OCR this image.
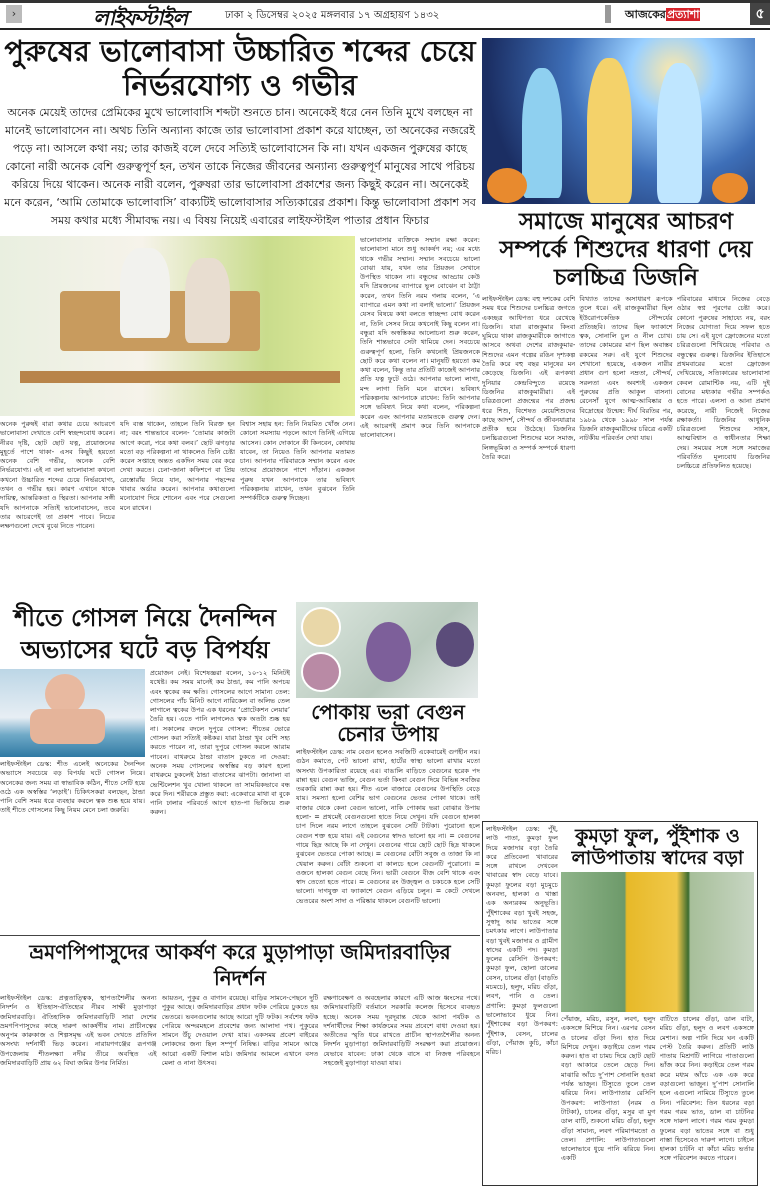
›	লাইফস্টাইল	ঢাকা ২ ডিসেম্বর ২০২৫ মঙ্গলবার ১৭ অগ্রহায়ণ ১৪৩২	আজকেরপ্রত্যাশা	৫
পুরুষের ভালোবাসা উচ্চারিত শব্দের চেয়ে নির্ভরযোগ্য ও গভীর

অনেক মেয়েই তাদের প্রেমিকের মুখে ভালোবাসি শব্দটা শুনতে চান। অনেকেই ধরে নেন তিনি মুখে বলছেন না মানেই ভালোবাসেন না। অথচ তিনি অন্যান্য কাজে তার ভালোবাসা প্রকাশ করে যাচ্ছেন, তা অনেকের নজরেই পড়ে না। আসলে কথা নয়; তার কাজই বলে দেবে সত্যিই ভালোবাসেন কি না। যখন একজন পুরুষের কাছে কোনো নারী অনেক বেশি গুরুত্বপূর্ণ হন, তখন তাকে নিজের জীবনের অন্যান্য গুরুত্বপূর্ণ মানুষের সাথে পরিচয় করিয়ে দিয়ে থাকেন। অনেক নারী বলেন, পুরুষরা তার ভালোবাসা প্রকাশের জন্য কিছুই করেন না। অনেকেই মনে করেন, ‘আমি তোমাকে ভালোবাসি’ বাক্যটিই ভালোবাসার সত্যিকারের প্রকাশ। কিন্তু ভালোবাসা প্রকাশ সব সময় কথার মধ্যে সীমাবদ্ধ নয়। এ বিষয় নিয়েই এবারের লাইফস্টাইল পাতার প্রধান ফিচার

অনেক পুরুষই বারা কথার চেয়ে আচরণে ভালোবাসা দেখাতে বেশি স্বচ্ছন্দবোধ করেন। নীরব দৃষ্টি, ছোট ছোট যত্ন, প্রয়োজনের মুহূর্তে পাশে থাকা- এসব কিছুই হয়তো অনেক বেশি গভীর, অনেক বেশি নির্ভরযোগ্য। এই না বলা ভালোবাসা কখনো কখনো উচ্চারিত শব্দের চেয়ে নির্ভরযোগ্য, তখন ও গভীর হয়। কারণ এখানে থাকে দায়িত্ব, আন্তরিকতা ও স্থিরতা। আপনার সঙ্গী যদি আপনাকে সত্যিই ভালোবাসেন, তবে তার আচরণেই তা প্রকাশ পাবে। নিচের লক্ষণগুলো দেখে বুঝে নিতে পারেন।
যদি ব্যস্ত থাকেন, তাহলে তিনি বিরক্ত হন না; বরং শান্তভাবে বলেন- ‘তোমার কাজটা আগে করো, পরে কথা বলব।’ ছোট ঝগড়ার মতো বড় পরিকল্পনা না থাকলেও তিনি চেষ্টা করেন সপ্তাহে অন্তত একদিন সময় বের করে দেখা করতে। চেনা-জানা কফিশপে বা প্রিয় রেস্তোরাঁয় নিয়ে যান, আপনার পছন্দের খাবার অর্ডার করেন। আপনার কথাগুলো মনোযোগ দিয়ে শোনেন এবং পরে সেগুলো মনে রাখেন।
বিশ্বাস সহায় হন: তিনি নিয়মিত খোঁজ নেন। কোনো সমস্যায় পড়লে আগে তিনিই এগিয়ে আসেন। কোন দোকানে কী কিনবেন, কোথায় যাবেন, তা নিয়েও তিনি আপনার মতামত চান। আপনার পরিবারকে সম্মান করেন এবং তাদের প্রয়োজনে পাশে দাঁড়ান। একজন পুরুষ যখন আপনাকে তার ভবিষ্যৎ পরিকল্পনায় রাখেন, তখন বুঝবেন তিনি সম্পর্কটিকে গুরুত্ব দিচ্ছেন।
ভালোবাসার ব্যক্তিকে সম্মান রক্ষা করেন: ভালোবাসা মানে শুধু আকর্ষণ নয়; এর মধ্যে থাকে গভীর সম্মান। সম্মান সবচেয়ে ভালো বোঝা যায়, যখন তার প্রিয়জন সেখানে উপস্থিত থাকেন না। বন্ধুদের আড্ডায় কেউ যদি প্রিয়জনের ব্যাপারে ভুল বোঝেন বা ঠাট্টা করেন, তখন তিনি নরম গলায় বলেন, ‘এ ব্যাপারে এমন কথা না বলাই ভালো।’ প্রিয়জন যেসব বিষয়ে কথা বলতে স্বাচ্ছন্দ্য বোধ করেন না, তিনি সেসব নিয়ে কখনোই কিছু বলেন না। বন্ধুরা যদি অস্বস্তিকর আলোচনা শুরু করেন, তিনি শান্তভাবে সেটা থামিয়ে দেন। সবচেয়ে গুরুত্বপূর্ণ হলো, তিনি কখনোই প্রিয়জনকে ছোট করে কথা বলেন না। মানুষটি হয়তো কম কথা বলেন, কিন্তু তার প্রতিটি কাজেই আপনার প্রতি যত্ন ফুটে ওঠে। আপনার ভালো লাগা, মন্দ লাগা তিনি মনে রাখেন। ভবিষ্যৎ পরিকল্পনায় আপনাকে রাখেন: তিনি আপনার সঙ্গে ভবিষ্যৎ নিয়ে কথা বলেন, পরিকল্পনা করেন এবং আপনার মতামতকে গুরুত্ব দেন। এই আচরণই প্রমাণ করে তিনি আপনাকে ভালোবাসেন।
শীতে গোসল নিয়ে দৈনন্দিন অভ্যাসের ঘটে বড় বিপর্যয়
লাইফস্টাইল ডেস্ক: শীত এলেই অনেকের দৈনন্দিন অভ্যাসে সবচেয়ে বড় বিপর্যয় ঘটে গোসল নিয়ে। অনেকের জন্য সময় বা স্বাভাবিক কঠিন, শীতে সেটি হয়ে ওঠে এক অস্বস্তির ‘লড়াই’। চিকিৎসকরা বলছেন, ঠান্ডা পানি বেশি সময় ধরে ব্যবহার করলে ত্বক শুষ্ক হয়ে যায়। তাই শীতে গোসলের কিছু নিয়ম মেনে চলা জরুরি।
প্রয়োজন নেই। বিশেষজ্ঞরা বলেন, ১০-১২ মিনিটই যথেষ্ট। কম সময় মানেই কম ঠান্ডা, কম পানি অপচয় এবং ত্বকের কম ক্ষতি। গোসলের আগে সামান্য তেল: গোসলের পাঁচ মিনিট আগে নারিকেল বা অলিভ তেল লাগালে ত্বকের উপর এক ধরনের ‘প্রোটেকশন লেয়ার’ তৈরি হয়। এতে পানি লাগলেও ত্বক অতটা শুষ্ক হয় না। সকালের বদলে দুপুরে গোসল: শীতের ভোরে গোসল করা সত্যিই কষ্টকর। যারা ঠান্ডা খুব বেশি সহ্য করতে পারেন না, তারা দুপুরে গোসল করলে আরাম পাবেন। বাথরুমে ঠান্ডা বাতাস ঢুকতে না দেওয়া: অনেক সময় গোসলের অস্বস্তির বড় কারণ হলো বাথরুমে ঢুকলেই ঠান্ডা বাতাসের ঝাপটা। জানালা বা ভেন্টিলেশন খুব খোলা থাকলে তা সাময়িকভাবে বন্ধ করে দিন। শরীরকে প্রস্তুত করা: একেবারে মাথা বা বুকে পানি ঢালার পরিবর্তে আগে হাত-পা ভিজিয়ে শুরু করুন।
পোকায় ভরা বেগুন চেনার উপায়
লাইফস্টাইল ডেস্ক: নাম বেগুন হলেও সবজিটি একেবারেই গুণহীন নয়। গুঠন কমাতে, পেট ভালো রাখা, হার্টের স্বাস্থ্য ভালো রাখার মতো অসংখ্য উপকারিতা রয়েছে এর। বাঙালি বাড়িতে বেগুনের হরেক পদ রান্না হয়। বেগুন ভাজি, বেগুন ভর্তা কিংবা বেগুন দিয়ে বিভিন্ন সবজির তরকারি রান্না করা হয়। শীত এলে বাজারে বেগুনের উপস্থিতি বেড়ে যায়। সমস্যা হলো বেশির ভাগ বেগুনের ভেতর পোকা থাকে। তাই বাজার থেকে কেনা বেগুন ভালো, নাকি পোকায় ভরা বোঝার উপায় হলো- = প্রথমেই বেগুনগুলো হাতে নিয়ে দেখুন। যদি বেগুনে হালকা চাপ দিলে নরম লাগে তাহলে বুঝবেন সেটি টাটকা। পুরোনো হলে বেগুন শক্ত হয়ে যায়। এই বেগুনের স্বাদও ভালো হয় না। = বেগুনের গায়ে ছিদ্র আছে কি না দেখুন। বেগুনের গায়ে ছোট ছোট ছিদ্র থাকলে বুঝবেন ভেতরে পোকা আছে। = বেগুনের বোঁটা সবুজ ও তাজা কি না খেয়াল করুন। বোঁটা শুকনো বা কালচে হলে বেগুনটি পুরোনো। = ওজনে হালকা বেগুন বেছে নিন। ভারী বেগুনে বীজ বেশি থাকে এবং স্বাদ তেতো হতে পারে। = বেগুনের রং উজ্জ্বল ও চকচকে হলে সেটি ভালো। দাগযুক্ত বা ফ্যাকাশে বেগুন এড়িয়ে চলুন। = কেটে দেখলে ভেতরের অংশ সাদা ও পরিষ্কার থাকলে বেগুনটি ভালো।
ভ্রমণপিপাসুদের আকর্ষণ করে মুড়াপাড়া জমিদারবাড়ির নিদর্শন
লাইফস্টাইল ডেস্ক: প্রত্নতাত্ত্বিক, স্থাপত্যশৈলীর অনন্য নিদর্শন ও ইতিহাস-ঐতিহ্যের নীরব সাক্ষী মুড়াপাড়া জমিদারবাড়ি। ঐতিহাসিক জমিদারবাড়িটি সারা দেশের ভ্রমণপিপাসুদের কাছে দারুণ আকর্ষণীয় নাম। প্রাচীনত্বের অনুপম কারুকাজ ও শিল্পসমৃদ্ধ এই ভবন দেখতে প্রতিদিন অসংখ্য দর্শনার্থী ভিড় করেন। নারায়ণগঞ্জের রূপগঞ্জ উপজেলায় শীতলক্ষ্যা নদীর তীরে অবস্থিত এই জমিদারবাড়িটি প্রায় ৬২ বিঘা জমির উপর নির্মিত।
আয়তন, পুকুর ও বাগান রয়েছে। বাড়ির সামনে-পেছনে দুটি পুকুর আছে। জমিদারবাড়ির প্রধান ফটক পেরিয়ে ঢুকতে হয় ভেতরে। ভবনগুলোর আছে আরো দুটি ফটক। সর্বশেষ ফটক পেরিয়ে অন্দরমহলে প্রবেশের জন্য আলাদা পথ। পুকুরের সামনে উঁচু দেওয়াল দেখা যায়। একসময় প্রবেশ বাইরের লোকদের জন্য ছিল সম্পূর্ণ নিষিদ্ধ। বাড়ির সামনে আছে আরো একটি বিশাল মাঠ। জমিদার আমলে এখানে বসত মেলা ও নানা উৎসব।
রক্ষণাবেক্ষণ ও অবহেলার কারণে এটি আজ ধ্বংসের পথে। জমিদারবাড়িটি বর্তমানে সরকারি কলেজ হিসেবে ব্যবহৃত হচ্ছে। অনেক সময় দূরদূরান্ত থেকে আসা পর্যটক ও দর্শনার্থীদের শিক্ষা কার্যক্রমের সময় প্রবেশে বাধা দেওয়া হয়। অতীতের স্মৃতি ধরে রাখতে প্রাচীন স্থাপত্যশৈলীর অনন্য নিদর্শন মুড়াপাড়া জমিদারবাড়িটি সংরক্ষণ করা প্রয়োজন। যেভাবে যাবেন: ঢাকা থেকে বাসে বা নিজস্ব পরিবহনে সহজেই মুড়াপাড়া যাওয়া যায়।
সমাজে মানুষের আচরণ সম্পর্কে শিশুদের ধারণা দেয় চলচ্চিত্র ডিজনি
লাইফস্টাইল ডেস্ক: বহু দশকের বেশি সময় ধরে শিশুদের চলচ্চিত্র জগতে একচ্ছত্র আধিপত্য ধরে রেখেছে ডিজনি। যারা রাজকুমার কিংবা ঘুমিয়ে থাকা রাজকুমারীকে জাগাতে আসবে অথবা দেশের রাজকুমার- শিশুদের এমন গল্পের রঙিন দৃশ্যকল্প তৈরি করে বহু বছর মানুষের মন কেড়েছে ডিজনি। এই রূপকথা দুনিয়ার কেন্দ্রবিন্দুতে রয়েছে ডিজনির রাজকুমারীরা। এই চরিত্রগুলো প্রজন্মের পর প্রজন্ম ধরে শিশু, বিশেষত মেয়েশিশুদের কাছে আদর্শ, সৌন্দর্য ও জীবনযাত্রার প্রতীক হয়ে উঠেছে। ডিজনির চলচ্চিত্রগুলো শিশুদের মনে সমাজ, লিঙ্গভূমিকা ও সম্পর্ক সম্পর্কে ধারণা তৈরি করে।
বিখ্যাত তাদের অসাধারণ রূপকে তুলে ধরে। এই রাজকুমারীরা ছিল ইউরোপকেন্দ্রিক সৌন্দর্যের প্রতিচ্ছবি। তাদের ছিল ফ্যাকাশে ত্বক, সোনালি চুল ও নীল চোখ। তাদের কোমরের মাপ ছিল অবাস্তব রকমের সরু। এই যুগে শিশুদের শেখানো হয়েছে, একজন নারীর প্রধান গুণ হলো নম্রতা, সৌন্দর্য, সরলতা এবং অবশ্যই একজন পুরুষের প্রতি আকুল বাসনা। রেনেসাঁ যুগে আত্ম-আবিষ্কার ও বিদ্রোহের উন্মেষ: দীর্ঘ বিরতির পর, ১৯৮৯ থেকে ১৯৯৮ সাল পর্যন্ত ডিজনি রাজকুমারীদের চরিত্রে একটি নাটকীয় পরিবর্তন দেখা যায়।
পরিবারের মাধ্যমে নিজের বেড়ে ওঠার স্বপ্ন পূরণের চেষ্টা করে। কোনো পুরুষের সাহায্যে নয়, বরং নিজের যোগ্যতা দিয়ে সফল হতে চায় সে। এই যুগে ফ্রোজেনের মতো চরিত্রগুলো শিখিয়েছে পরিবার ও বন্ধুত্বের গুরুত্ব। ডিজনির ইতিহাসে প্রথমবারের মতো ফ্রোজেন দেখিয়েছে, সত্যিকারের ভালোবাসা কেবল রোমান্টিক নয়, এটি দুই বোনের মধ্যকার গভীর সম্পর্কও হতে পারে। এলসা ও আনা প্রমাণ করেছে, নারী নিজেই নিজের রক্ষাকর্তা। ডিজনির আধুনিক চরিত্রগুলো শিশুদের সাহস, আত্মবিশ্বাস ও স্বাধীনতার শিক্ষা দেয়। সময়ের সঙ্গে সঙ্গে সমাজের পরিবর্তিত মূল্যবোধ ডিজনির চলচ্চিত্রে প্রতিফলিত হয়েছে।
লাইফস্টাইল ডেস্ক: পুঁই, লাউ পাতা, কুমড়া ফুল দিয়ে মজাদার বড়া তৈরি করে প্রতিবেলা খাবারের সঙ্গে রাখলে দেখবেন খাবারের স্বাদ বেড়ে যাবে। কুমড়া ফুলের বড়া মুচমুচে অনবদ্য, হালকা ও খাস্তা এক অন্যরকম অনুভূতি। পুঁইশাকের বড়া খুবই সহজ, সুস্বাদু আর ভাতের সঙ্গে চমৎকার লাগে। লাউপাতার বড়া খুবই মজাদার ও গ্রামীণ স্বাদের একটি পদ। কুমড়া ফুলের রেসিপি উপকরণ: কুমড়া ফুল, ছোলা ডালের বেসন, চালের গুঁড়া (বাড়তি মচমচে), হলুদ, মরিচ গুঁড়া, লবণ, পানি ও তেল। প্রণালি: কুমড়া ফুলগুলো ভালোভাবে ধুয়ে নিন। পুঁইশাকের বড়া উপকরণ: পুঁইশাক, বেসন, চালের গুঁড়া, পেঁয়াজ কুচি, কাঁচা মরিচ।
কুমড়া ফুল, পুঁইশাক ও লাউপাতায় স্বাদের বড়া
পেঁয়াজ, মরিচ, রসুন, লবণ, হলুদ একসঙ্গে মিশিয়ে নিন। এরপর বেসন ও চালের গুঁড়া দিন। হাত দিয়ে মিশিয়ে দেখুন। কড়াইয়ে তেল গরম করুন। হাত বা চামচ দিয়ে ছোট ছোট বড়া আকারে তেলে ছেড়ে দিন। মাঝারি আঁচে দু’পাশ সোনালি হওয়া পর্যন্ত ভাজুন। টিস্যুতে তুলে তেল ঝরিয়ে নিন। লাউপাতার রেসিপি উপকরণ: লাউপাতা (নরম ও টাটকা), চালের গুঁড়া, মসুর বা মুগ ডাল বাটি, শুকনো মরিচ গুঁড়া, হলুদ গুঁড়া সামান্য, লবণ পরিমাণমতো ও তেল। প্রণালি: লাউপাতাগুলো ভালোভাবে ধুয়ে পানি ঝরিয়ে নিন। একটি
বাটিতে চালের গুঁড়া, ডাল বাটা, মরিচ গুঁড়া, হলুদ ও লবণ একসঙ্গে মেশান। অল্প পানি দিয়ে ঘন একটি পেস্ট তৈরি করুন। প্রতিটি লাউ পাতায় মিশ্রণটি লাগিয়ে পাতাগুলো ভাঁজ করে নিন। কড়াইয়ে তেল গরম করে মধ্যম আঁচে এক এক করে বড়াগুলো ভাজুন। দু’পাশ সোনালি হলে এগুলো নামিয়ে টিস্যুতে তুলে নিন। পরিবেশন: তিন ধরনের বড়া গরম গরম ভাত, ডাল বা চাটনির সঙ্গে দারুণ লাগে। গরম গরম কুমড়া ফুলের বড়া ভাতের সঙ্গে বা শুধু নাস্তা হিসেবেও দারুণ লাগে। চাইলে হালকা চাটনি বা কাঁচা মরিচ ভর্তার সঙ্গে পরিবেশন করতে পারেন।
